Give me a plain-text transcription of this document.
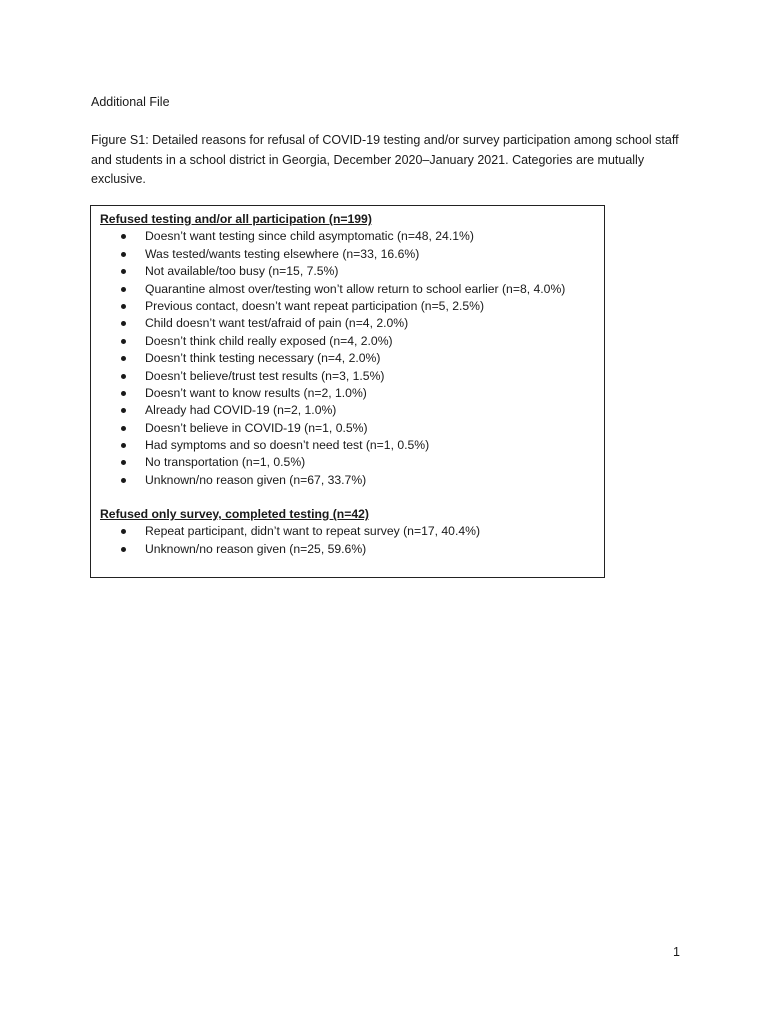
Additional File
Figure S1: Detailed reasons for refusal of COVID-19 testing and/or survey participation among school staff and students in a school district in Georgia, December 2020–January 2021. Categories are mutually exclusive.
Refused testing and/or all participation (n=199)
Doesn’t want testing since child asymptomatic (n=48, 24.1%)
Was tested/wants testing elsewhere (n=33, 16.6%)
Not available/too busy (n=15, 7.5%)
Quarantine almost over/testing won’t allow return to school earlier (n=8, 4.0%)
Previous contact, doesn’t want repeat participation (n=5, 2.5%)
Child doesn’t want test/afraid of pain (n=4, 2.0%)
Doesn’t think child really exposed (n=4, 2.0%)
Doesn’t think testing necessary (n=4, 2.0%)
Doesn’t believe/trust test results (n=3, 1.5%)
Doesn’t want to know results (n=2, 1.0%)
Already had COVID-19 (n=2, 1.0%)
Doesn’t believe in COVID-19 (n=1, 0.5%)
Had symptoms and so doesn’t need test (n=1, 0.5%)
No transportation (n=1, 0.5%)
Unknown/no reason given (n=67, 33.7%)
Refused only survey, completed testing (n=42)
Repeat participant, didn’t want to repeat survey (n=17, 40.4%)
Unknown/no reason given (n=25, 59.6%)
1
